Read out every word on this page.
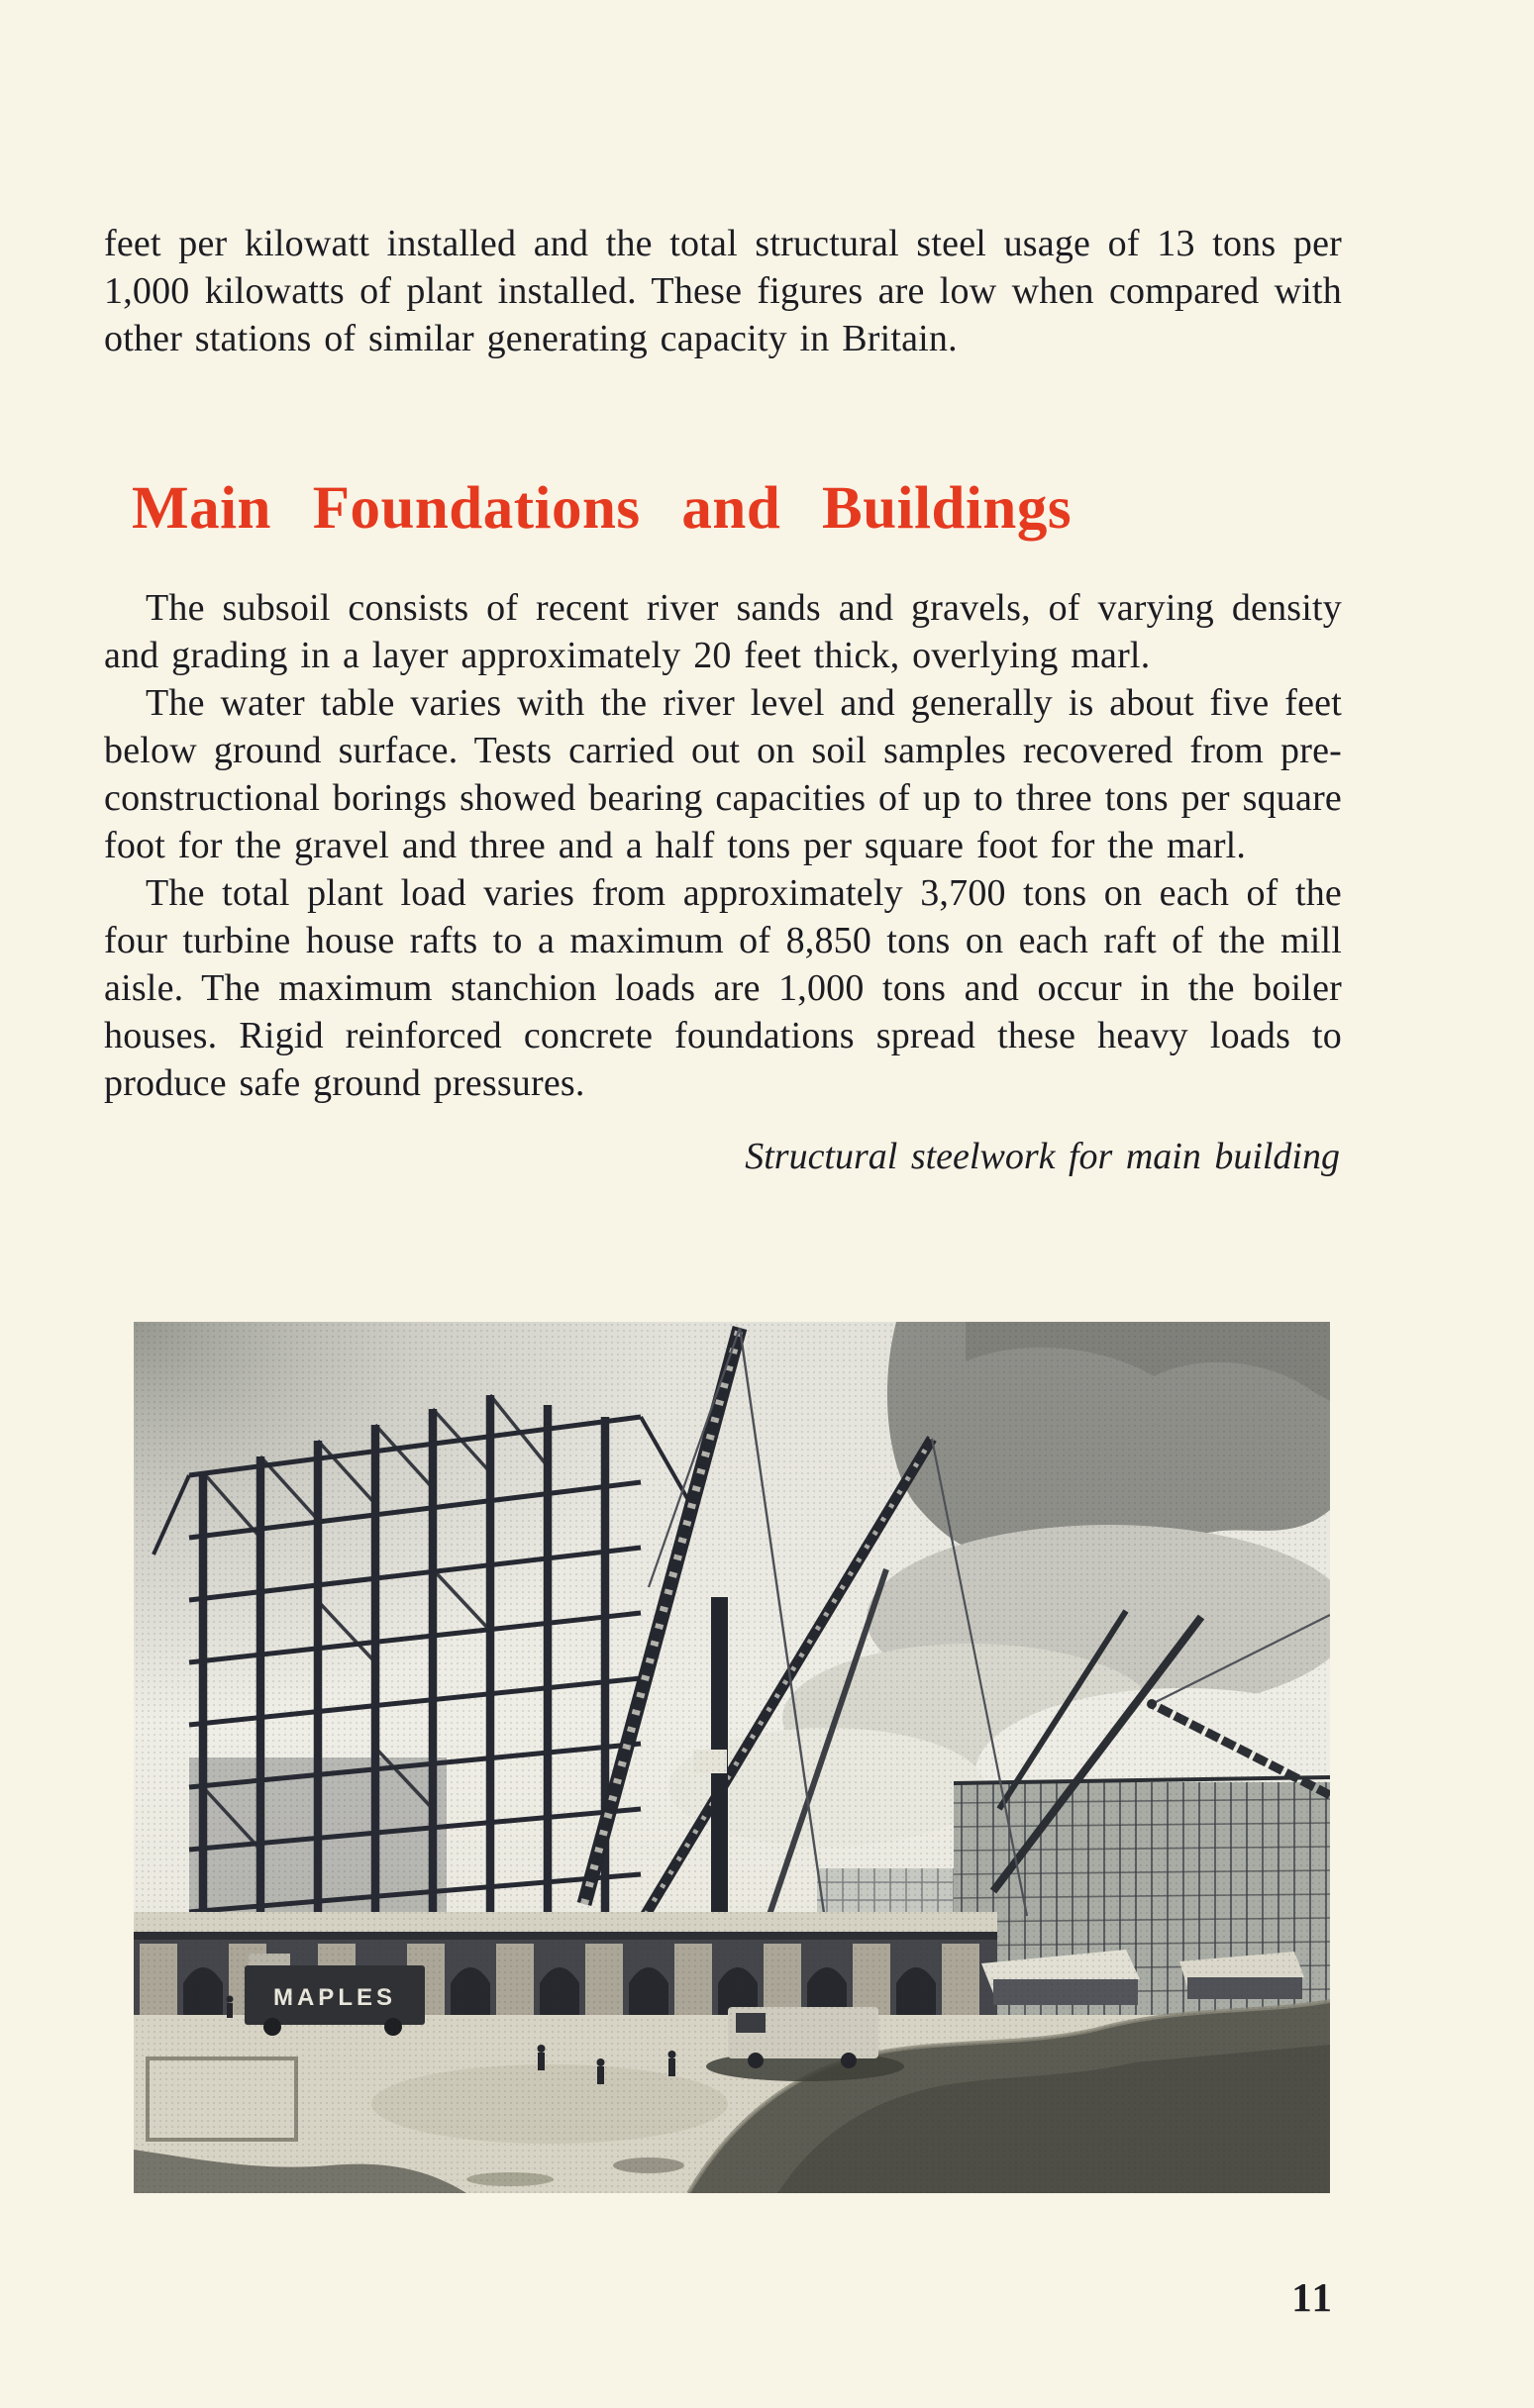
feet per kilowatt installed and the total structural steel usage of 13 tons per 1,000 kilowatts of plant installed. These figures are low when compared with other stations of similar generating capacity in Britain.

Main Foundations and Buildings

The subsoil consists of recent river sands and gravels, of varying density and grading in a layer approximately 20 feet thick, overlying marl.

The water table varies with the river level and generally is about five feet below ground surface. Tests carried out on soil samples recovered from pre-constructional borings showed bearing capacities of up to three tons per square foot for the gravel and three and a half tons per square foot for the marl.

The total plant load varies from approximately 3,700 tons on each of the four turbine house rafts to a maximum of 8,850 tons on each raft of the mill aisle. The maximum stanchion loads are 1,000 tons and occur in the boiler houses. Rigid reinforced concrete foundations spread these heavy loads to produce safe ground pressures.

Structural steelwork for main building

MAPLES
11
